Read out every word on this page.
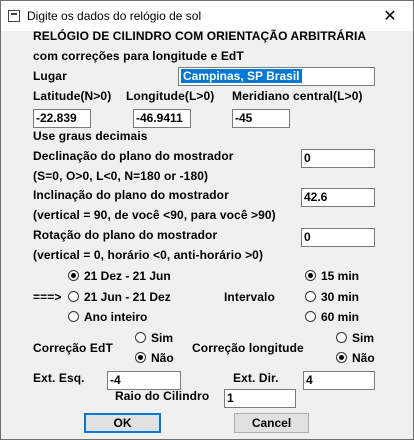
Digite os dados do relógio de sol	✕
RELÓGIO DE CILINDRO COM ORIENTAÇÃO ARBITRÁRIA
com correções para longitude e EdT
Lugar	Campinas, SP Brasil
Latitude(N>0) Longitude(L>0) Meridiano central(L>0)
-22.839	-46.9411	-45
Use graus decimais
Declinação do plano do mostrador	0
(S=0, O>0, L<0, N=180 or -180)
Inclinação do plano do mostrador	42.6
(vertical = 90, de você <90, para você >90)
Rotação do plano do mostrador	0
(vertical = 0, horário <0, anti-horário >0)
21 Dez - 21 Jun
===>	21 Jun - 21 Dez
Ano inteiro
Intervalo
15 min
30 min
60 min
Sim
Correção EdT
Não
Sim
Correção longitude
Não
Ext. Esq. -4	Ext. Dir. 4
Raio do Cilindro 1
OK	Cancel
